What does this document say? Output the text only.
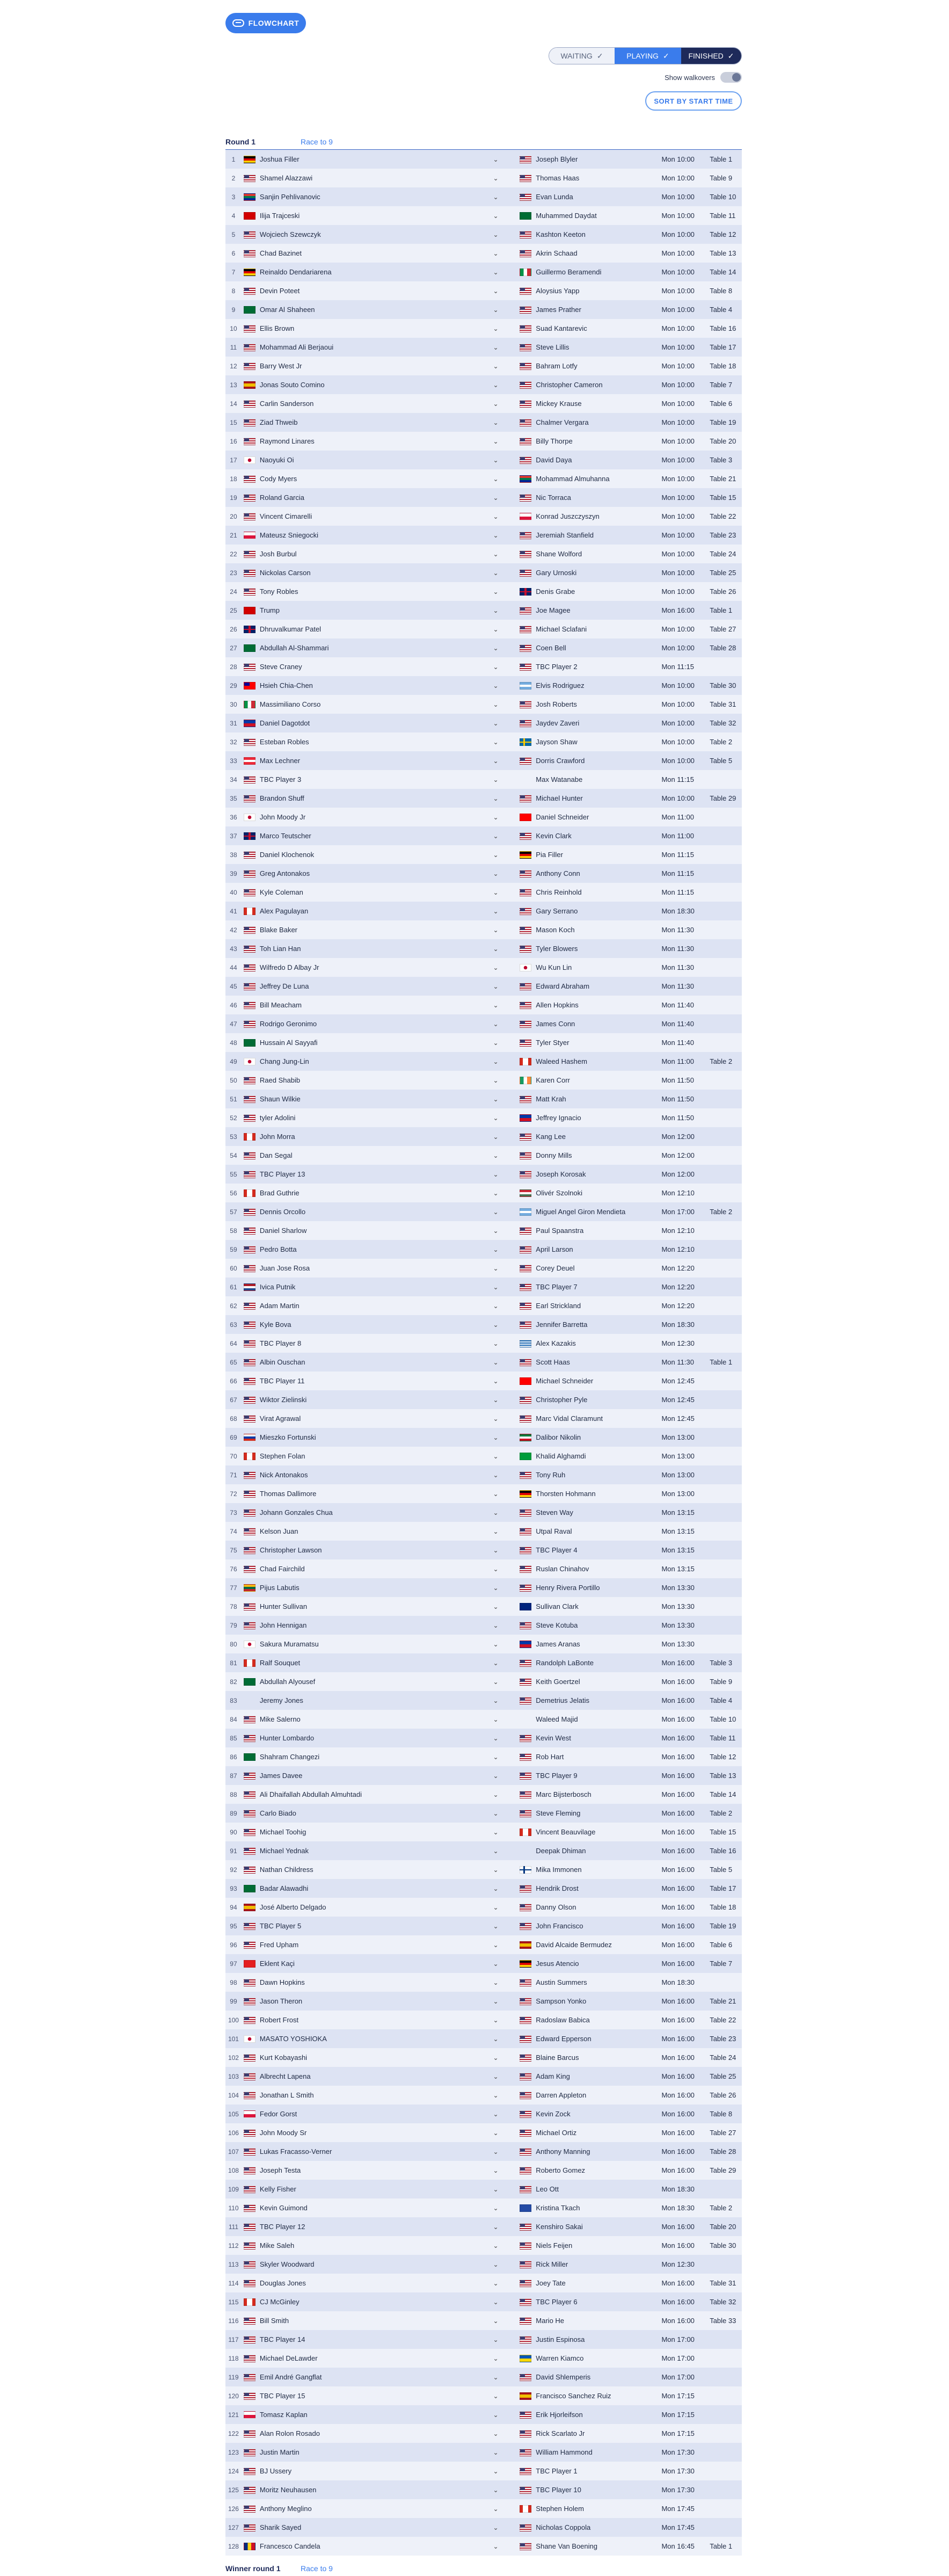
FLOWCHART
WAITING ✓	PLAYING ✓	FINISHED ✓
Show walkovers
SORT BY START TIME
Round 1	Race to 9
1	Joshua Filler	⌄	Joseph Blyler	Mon 10:00	Table 1
2	Shamel Alazzawi	⌄	Thomas Haas	Mon 10:00	Table 9
3	Sanjin Pehlivanovic	⌄	Evan Lunda	Mon 10:00	Table 10
4	Ilija Trajceski	⌄	Muhammed Daydat	Mon 10:00	Table 11
5	Wojciech Szewczyk	⌄	Kashton Keeton	Mon 10:00	Table 12
6	Chad Bazinet	⌄	Akrin Schaad	Mon 10:00	Table 13
7	Reinaldo Dendariarena	⌄	Guillermo Beramendi	Mon 10:00	Table 14
8	Devin Poteet	⌄	Aloysius Yapp	Mon 10:00	Table 8
9	Omar Al Shaheen	⌄	James Prather	Mon 10:00	Table 4
10	Ellis Brown	⌄	Suad Kantarevic	Mon 10:00	Table 16
11	Mohammad Ali Berjaoui	⌄	Steve Lillis	Mon 10:00	Table 17
12	Barry West Jr	⌄	Bahram Lotfy	Mon 10:00	Table 18
13	Jonas Souto Comino	⌄	Christopher Cameron	Mon 10:00	Table 7
14	Carlin Sanderson	⌄	Mickey Krause	Mon 10:00	Table 6
15	Ziad Thweib	⌄	Chalmer Vergara	Mon 10:00	Table 19
16	Raymond Linares	⌄	Billy Thorpe	Mon 10:00	Table 20
17	Naoyuki Oi	⌄	David Daya	Mon 10:00	Table 3
18	Cody Myers	⌄	Mohammad Almuhanna	Mon 10:00	Table 21
19	Roland Garcia	⌄	Nic Torraca	Mon 10:00	Table 15
20	Vincent Cimarelli	⌄	Konrad Juszczyszyn	Mon 10:00	Table 22
21	Mateusz Sniegocki	⌄	Jeremiah Stanfield	Mon 10:00	Table 23
22	Josh Burbul	⌄	Shane Wolford	Mon 10:00	Table 24
23	Nickolas Carson	⌄	Gary Urnoski	Mon 10:00	Table 25
24	Tony Robles	⌄	Denis Grabe	Mon 10:00	Table 26
25	Trump	⌄	Joe Magee	Mon 16:00	Table 1
26	Dhruvalkumar Patel	⌄	Michael Sclafani	Mon 10:00	Table 27
27	Abdullah Al-Shammari	⌄	Coen Bell	Mon 10:00	Table 28
28	Steve Craney	⌄	TBC Player 2	Mon 11:15
29	Hsieh Chia-Chen	⌄	Elvis Rodriguez	Mon 10:00	Table 30
30	Massimiliano Corso	⌄	Josh Roberts	Mon 10:00	Table 31
31	Daniel Dagotdot	⌄	Jaydev Zaveri	Mon 10:00	Table 32
32	Esteban Robles	⌄	Jayson Shaw	Mon 10:00	Table 2
33	Max Lechner	⌄	Dorris Crawford	Mon 10:00	Table 5
34	TBC Player 3	⌄	Max Watanabe	Mon 11:15
35	Brandon Shuff	⌄	Michael Hunter	Mon 10:00	Table 29
36	John Moody Jr	⌄	Daniel Schneider	Mon 11:00
37	Marco Teutscher	⌄	Kevin Clark	Mon 11:00
38	Daniel Klochenok	⌄	Pia Filler	Mon 11:15
39	Greg Antonakos	⌄	Anthony Conn	Mon 11:15
40	Kyle Coleman	⌄	Chris Reinhold	Mon 11:15
41	Alex Pagulayan	⌄	Gary Serrano	Mon 18:30
42	Blake Baker	⌄	Mason Koch	Mon 11:30
43	Toh Lian Han	⌄	Tyler Blowers	Mon 11:30
44	Wilfredo D Albay Jr	⌄	Wu Kun Lin	Mon 11:30
45	Jeffrey De Luna	⌄	Edward Abraham	Mon 11:30
46	Bill Meacham	⌄	Allen Hopkins	Mon 11:40
47	Rodrigo Geronimo	⌄	James Conn	Mon 11:40
48	Hussain Al Sayyafi	⌄	Tyler Styer	Mon 11:40
49	Chang Jung-Lin	⌄	Waleed Hashem	Mon 11:00	Table 2
50	Raed Shabib	⌄	Karen Corr	Mon 11:50
51	Shaun Wilkie	⌄	Matt Krah	Mon 11:50
52	tyler Adolini	⌄	Jeffrey Ignacio	Mon 11:50
53	John Morra	⌄	Kang Lee	Mon 12:00
54	Dan Segal	⌄	Donny Mills	Mon 12:00
55	TBC Player 13	⌄	Joseph Korosak	Mon 12:00
56	Brad Guthrie	⌄	Olivér Szolnoki	Mon 12:10
57	Dennis Orcollo	⌄	Miguel Angel Giron Mendieta	Mon 17:00	Table 2
58	Daniel Sharlow	⌄	Paul Spaanstra	Mon 12:10
59	Pedro Botta	⌄	April Larson	Mon 12:10
60	Juan Jose Rosa	⌄	Corey Deuel	Mon 12:20
61	Ivica Putnik	⌄	TBC Player 7	Mon 12:20
62	Adam Martin	⌄	Earl Strickland	Mon 12:20
63	Kyle Bova	⌄	Jennifer Barretta	Mon 18:30
64	TBC Player 8	⌄	Alex Kazakis	Mon 12:30
65	Albin Ouschan	⌄	Scott Haas	Mon 11:30	Table 1
66	TBC Player 11	⌄	Michael Schneider	Mon 12:45
67	Wiktor Zielinski	⌄	Christopher Pyle	Mon 12:45
68	Virat Agrawal	⌄	Marc Vidal Claramunt	Mon 12:45
69	Mieszko Fortunski	⌄	Dalibor Nikolin	Mon 13:00
70	Stephen Folan	⌄	Khalid Alghamdi	Mon 13:00
71	Nick Antonakos	⌄	Tony Ruh	Mon 13:00
72	Thomas Dallimore	⌄	Thorsten Hohmann	Mon 13:00
73	Johann Gonzales Chua	⌄	Steven Way	Mon 13:15
74	Kelson Juan	⌄	Utpal Raval	Mon 13:15
75	Christopher Lawson	⌄	TBC Player 4	Mon 13:15
76	Chad Fairchild	⌄	Ruslan Chinahov	Mon 13:15
77	Pijus Labutis	⌄	Henry Rivera Portillo	Mon 13:30
78	Hunter Sullivan	⌄	Sullivan Clark	Mon 13:30
79	John Hennigan	⌄	Steve Kotuba	Mon 13:30
80	Sakura Muramatsu	⌄	James Aranas	Mon 13:30
81	Ralf Souquet	⌄	Randolph LaBonte	Mon 16:00	Table 3
82	Abdullah Alyousef	⌄	Keith Goertzel	Mon 16:00	Table 9
83	Jeremy Jones	⌄	Demetrius Jelatis	Mon 16:00	Table 4
84	Mike Salerno	⌄	Waleed Majid	Mon 16:00	Table 10
85	Hunter Lombardo	⌄	Kevin West	Mon 16:00	Table 11
86	Shahram Changezi	⌄	Rob Hart	Mon 16:00	Table 12
87	James Davee	⌄	TBC Player 9	Mon 16:00	Table 13
88	Ali Dhaifallah Abdullah Almuhtadi	⌄	Marc Bijsterbosch	Mon 16:00	Table 14
89	Carlo Biado	⌄	Steve Fleming	Mon 16:00	Table 2
90	Michael Toohig	⌄	Vincent Beauvilage	Mon 16:00	Table 15
91	Michael Yednak	⌄	Deepak Dhiman	Mon 16:00	Table 16
92	Nathan Childress	⌄	Mika Immonen	Mon 16:00	Table 5
93	Badar Alawadhi	⌄	Hendrik Drost	Mon 16:00	Table 17
94	José Alberto Delgado	⌄	Danny Olson	Mon 16:00	Table 18
95	TBC Player 5	⌄	John Francisco	Mon 16:00	Table 19
96	Fred Upham	⌄	David Alcaide Bermudez	Mon 16:00	Table 6
97	Eklent Kaçi	⌄	Jesus Atencio	Mon 16:00	Table 7
98	Dawn Hopkins	⌄	Austin Summers	Mon 18:30
99	Jason Theron	⌄	Sampson Yonko	Mon 16:00	Table 21
100	Robert Frost	⌄	Radoslaw Babica	Mon 16:00	Table 22
101	MASATO YOSHIOKA	⌄	Edward Epperson	Mon 16:00	Table 23
102	Kurt Kobayashi	⌄	Blaine Barcus	Mon 16:00	Table 24
103	Albrecht Lapena	⌄	Adam King	Mon 16:00	Table 25
104	Jonathan L Smith	⌄	Darren Appleton	Mon 16:00	Table 26
105	Fedor Gorst	⌄	Kevin Zock	Mon 16:00	Table 8
106	John Moody Sr	⌄	Michael Ortiz	Mon 16:00	Table 27
107	Lukas Fracasso-Verner	⌄	Anthony Manning	Mon 16:00	Table 28
108	Joseph Testa	⌄	Roberto Gomez	Mon 16:00	Table 29
109	Kelly Fisher	⌄	Leo Ott	Mon 18:30
110	Kevin Guimond	⌄	Kristina Tkach	Mon 18:30	Table 2
111	TBC Player 12	⌄	Kenshiro Sakai	Mon 16:00	Table 20
112	Mike Saleh	⌄	Niels Feijen	Mon 16:00	Table 30
113	Skyler Woodward	⌄	Rick Miller	Mon 12:30
114	Douglas Jones	⌄	Joey Tate	Mon 16:00	Table 31
115	CJ McGinley	⌄	TBC Player 6	Mon 16:00	Table 32
116	Bill Smith	⌄	Mario He	Mon 16:00	Table 33
117	TBC Player 14	⌄	Justin Espinosa	Mon 17:00
118	Michael DeLawder	⌄	Warren Kiamco	Mon 17:00
119	Emil André Gangflat	⌄	David Shlemperis	Mon 17:00
120	TBC Player 15	⌄	Francisco Sanchez Ruiz	Mon 17:15
121	Tomasz Kaplan	⌄	Erik Hjorleifson	Mon 17:15
122	Alan Rolon Rosado	⌄	Rick Scarlato Jr	Mon 17:15
123	Justin Martin	⌄	William Hammond	Mon 17:30
124	BJ Ussery	⌄	TBC Player 1	Mon 17:30
125	Moritz Neuhausen	⌄	TBC Player 10	Mon 17:30
126	Anthony Meglino	⌄	Stephen Holem	Mon 17:45
127	Sharik Sayed	⌄	Nicholas Coppola	Mon 17:45
128	Francesco Candela	⌄	Shane Van Boening	Mon 16:45	Table 1
Winner round 1	Race to 9
